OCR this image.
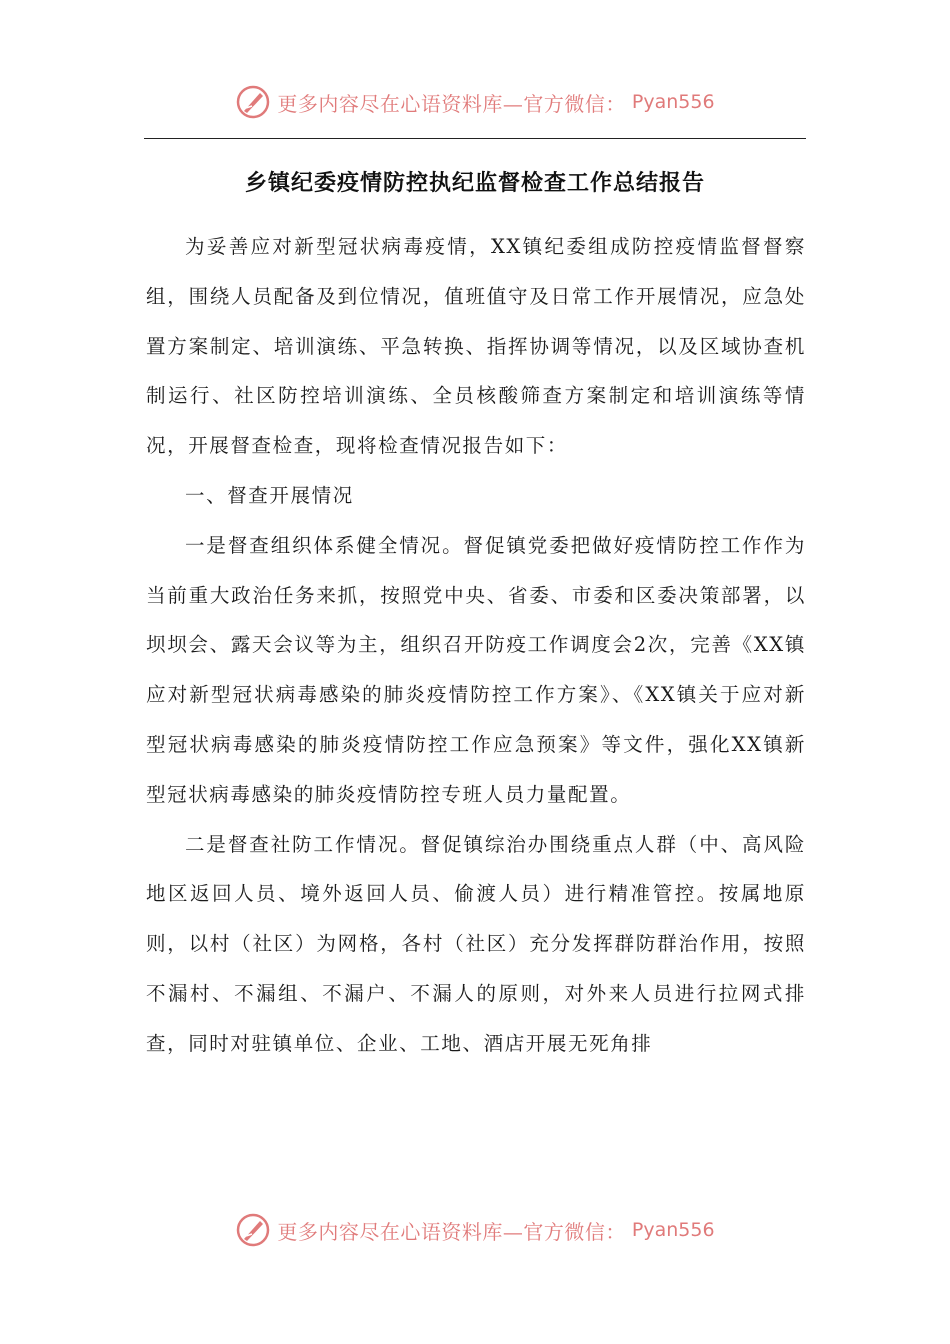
更多内容尽在心语资料库—官方微信： Pyan556
乡镇纪委疫情防控执纪监督检查工作总结报告

为妥善应对新型冠状病毒疫情，XX镇纪委组成防控疫情监督督察组，围绕人员配备及到位情况，值班值守及日常工作开展情况，应急处置方案制定、培训演练、平急转换、指挥协调等情况，以及区域协查机制运行、社区防控培训演练、全员核酸筛查方案制定和培训演练等情况，开展督查检查，现将检查情况报告如下：

一、督查开展情况

一是督查组织体系健全情况。督促镇党委把做好疫情防控工作作为当前重大政治任务来抓，按照党中央、省委、市委和区委决策部署，以坝坝会、露天会议等为主，组织召开防疫工作调度会2次，完善《XX镇应对新型冠状病毒感染的肺炎疫情防控工作方案》、《XX镇关于应对新型冠状病毒感染的肺炎疫情防控工作应急预案》等文件，强化XX镇新型冠状病毒感染的肺炎疫情防控专班人员力量配置。

二是督查社防工作情况。督促镇综治办围绕重点人群（中、高风险地区返回人员、境外返回人员、偷渡人员）进行精准管控。按属地原则，以村（社区）为网格，各村（社区）充分发挥群防群治作用，按照不漏村、不漏组、不漏户、不漏人的原则，对外来人员进行拉网式排查，同时对驻镇单位、企业、工地、酒店开展无死角排

更多内容尽在心语资料库—官方微信： Pyan556
